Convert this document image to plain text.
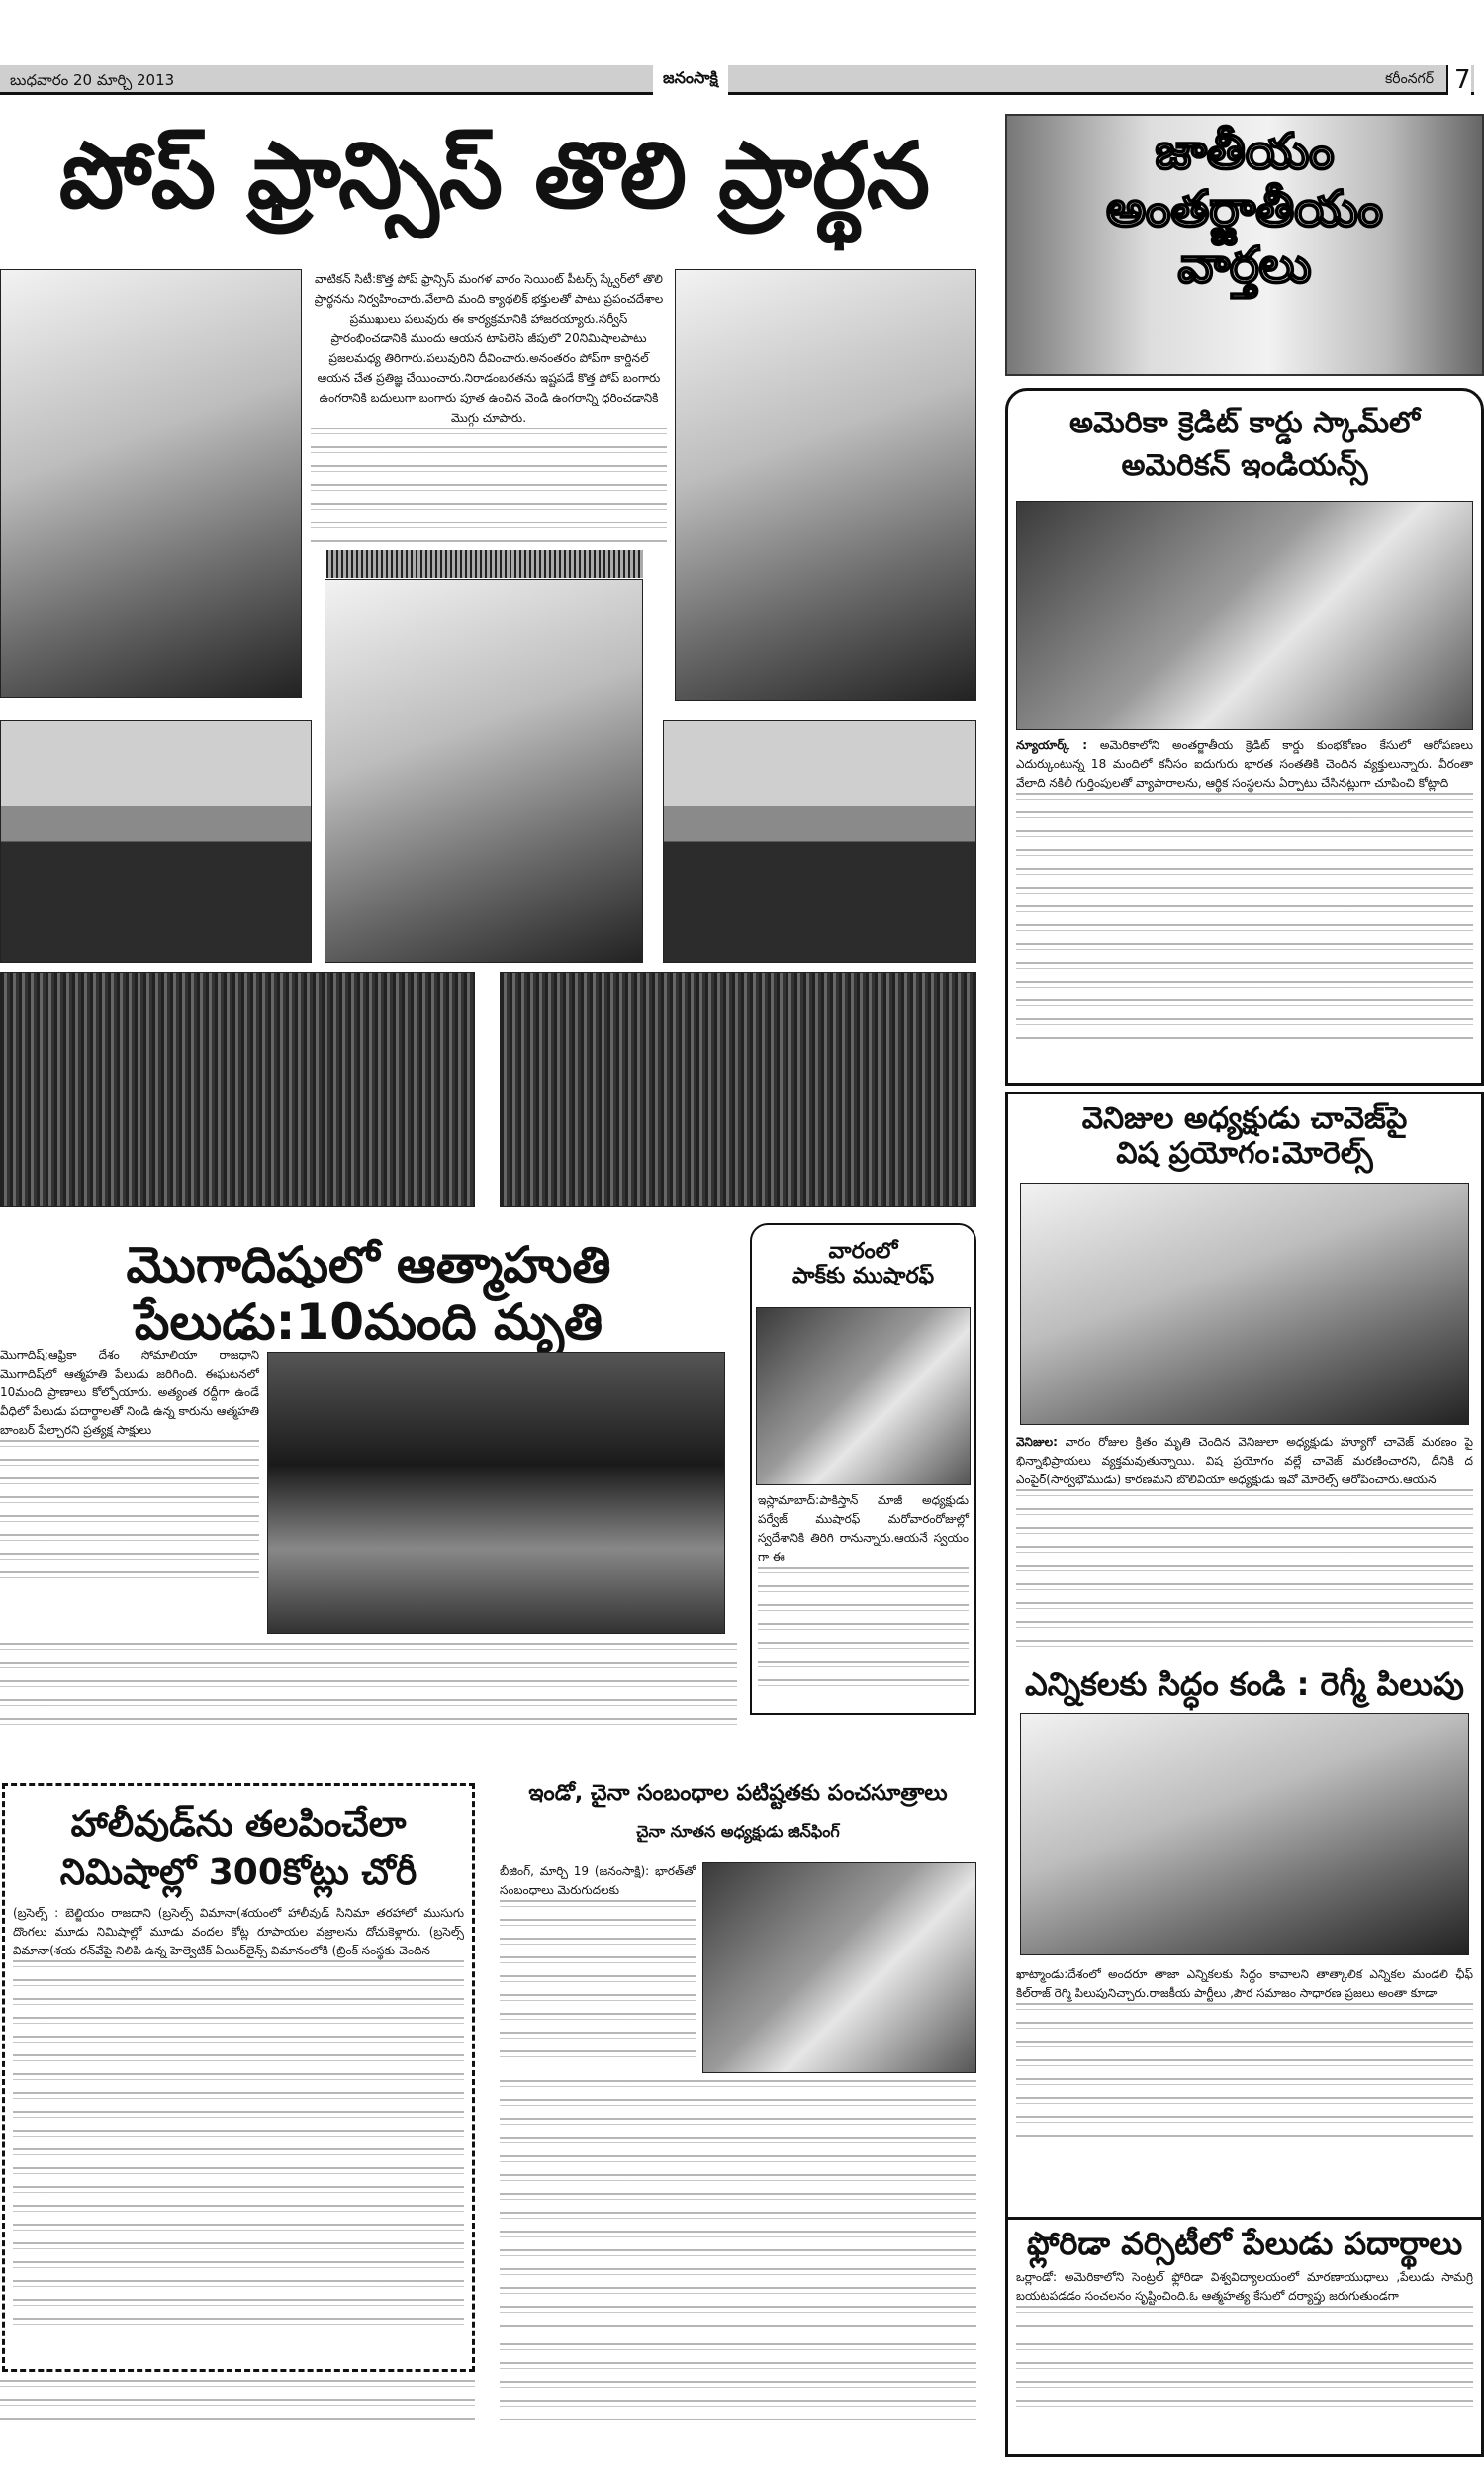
బుధవారం 20 మార్చి 2013	జనంసాక్షి	కరీంనగర్ 7
పోప్ ఫ్రాన్సిస్ తొలి ప్రార్థన
వాటికన్ సిటీ:కొత్త పోప్ ఫ్రాన్సిస్ మంగళ వారం సెయింట్ పీటర్స్ స్క్వేర్‌లో తొలి ప్రార్థనను నిర్వహించారు.వేలాది మంది క్యాథలిక్ భక్తులతో పాటు ప్రపంచదేశాల ప్రముఖులు పలువురు ఈ కార్యక్రమానికి హాజరయ్యారు.సర్వీస్ ప్రారంభించడానికి ముందు ఆయన టాప్‌లెస్ జీపులో 20నిమిషాలపాటు ప్రజలమధ్య తిరిగారు.పలువురిని దీవించారు.అనంతరం పోప్‌గా కార్డినల్ ఆయన చేత ప్రతిజ్ఞ చేయించారు.నిరాడంబరతను ఇష్టపడే కొత్త పోప్ బంగారు ఉంగరానికి బదులుగా బంగారు పూత ఉంచిన వెండి ఉంగరాన్ని ధరించడానికి మొగ్గు చూపారు.
మొగాదిషులో ఆత్మాహుతి పేలుడు:10మంది మృతి
మొగాదిష్:ఆఫ్రికా దేశం సోమాలియా రాజధాని మొగాదిష్‌లో ఆత్మహతి పేలుడు జరిగింది. ఈఘటనలో 10మంది ప్రాణాలు కోల్పోయారు. అత్యంత రద్దీగా ఉండే వీధిలో పేలుడు పదార్థాలతో నిండి ఉన్న కారును ఆత్మహతి బాంబర్ పేల్చారని ప్రత్యక్ష సాక్షులు
వారంలో
పాక్‌కు ముషారఫ్
ఇస్లామాబాద్:పాకిస్తాన్ మాజీ అధ్యక్షుడు పర్వేజ్ ముషారఫ్ మరోవారంరోజుల్లో స్వదేశానికి తిరిగి రానున్నారు.ఆయనే స్వయం గా ఈ
హాలీవుడ్‌ను తలపించేలా
నిమిషాల్లో 300కోట్లు చోరీ
(బ్రసెల్స్ : బెల్జియం రాజదాని (బ్రసెల్స్ విమానా(శయంలో హాలీవుడ్ సినిమా తరహాలో ముసుగు దొంగలు మూడు నిమిషాల్లో మూడు వందల కోట్ల రూపాయల వజ్రాలను దోచుకెళ్లారు. (బ్రసెల్స్ విమానా(శయ రన్‌వేపై నిలిపి ఉన్న హెల్వెటిక్ ఏయిర్‌లైన్స్ విమానంలోకి (బ్రింక్ సంస్థకు చెందిన
ఇండో, చైనా సంబంధాల పటిష్టతకు పంచసూత్రాలు
చైనా నూతన అధ్యక్షుడు జిన్‌ఫింగ్
బీజింగ్, మార్చి 19 (జనంసాక్షి): భారత్‌తో సంబంధాలు మెరుగుదలకు
జాతీయం
అంతర్జాతీయం
వార్తలు
అమెరికా క్రెడిట్ కార్డు స్కామ్‌లో
అమెరికన్ ఇండియన్స్
న్యూయార్క్ : అమెరికాలోని అంతర్జాతీయ క్రెడిట్ కార్డు కుంభకోణం కేసులో ఆరోపణలు ఎదుర్కుంటున్న 18 మందిలో కనీసం ఐదుగురు భారత సంతతికి చెందిన వ్యక్తులున్నారు. వీరంతా వేలాది నకిలీ గుర్తింపులతో వ్యాపారాలను, ఆర్థిక సంస్థలను ఏర్పాటు చేసినట్లుగా చూపించి కోట్లాది
వెనిజుల అధ్యక్షుడు చావెజ్‌పై
విష ప్రయోగం:మోరెల్స్
వెనిజుల: వారం రోజుల క్రితం మృతి చెందిన వెనిజులా అధ్యక్షుడు హ్యూగో చావెజ్ మరణం పై భిన్నాభిప్రాయలు వ్యక్తమవుతున్నాయి. విష ప్రయోగం వల్లే చావెజ్ మరణించారని, దీనికి ద ఎంపైర్(సార్వభౌముడు) కారణమని బొలివియా అధ్యక్షుడు ఇవో మోరెల్స్ ఆరోపించారు.ఆయన
ఎన్నికలకు సిద్ధం కండి : రెగ్మీ పిలుపు
ఖాట్మాండు:దేశంలో అందరూ తాజా ఎన్నికలకు సిద్ధం కావాలని తాత్కాలిక ఎన్నికల మండలి ఛీఫ్ కిల్‌రాజ్ రెగ్మి పిలుపునిచ్చారు.రాజకీయ పార్టీలు ,పౌర సమాజం సాధారణ ప్రజలు అంతా కూడా
ఫ్లోరిడా వర్సిటీలో పేలుడు పదార్థాలు
ఒర్లాండో: అమెరికాలోని సెంట్రల్ ఫ్లోరిడా విశ్వవిద్యాలయంలో మారణాయుధాలు ,పేలుడు సామగ్రి బయటపడడం సంచలనం సృష్టించింది.ఓ ఆత్మహత్య కేసులో దర్యాప్తు జరుగుతుండగా
